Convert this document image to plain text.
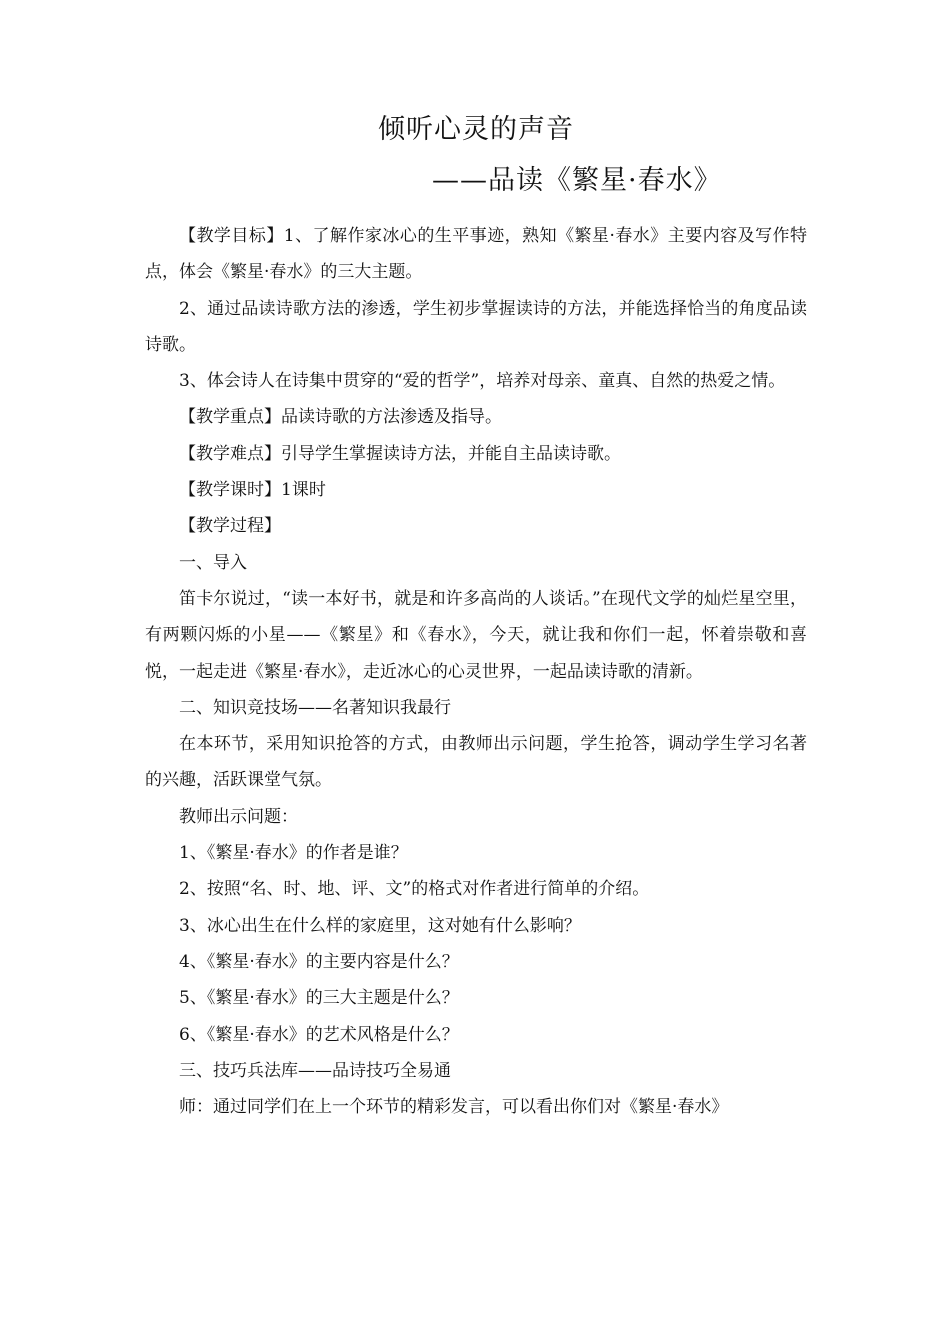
倾听心灵的声音
——品读《繁星·春水》

【教学目标】1、了解作家冰心的生平事迹，熟知《繁星·春水》主要内容及写作特点，体会《繁星·春水》的三大主题。

2、通过品读诗歌方法的渗透，学生初步掌握读诗的方法，并能选择恰当的角度品读诗歌。

3、体会诗人在诗集中贯穿的“爱的哲学”，培养对母亲、童真、自然的热爱之情。

【教学重点】品读诗歌的方法渗透及指导。

【教学难点】引导学生掌握读诗方法，并能自主品读诗歌。

【教学课时】1课时

【教学过程】

一、导入

笛卡尔说过，“读一本好书，就是和许多高尚的人谈话。”在现代文学的灿烂星空里，有两颗闪烁的小星——《繁星》和《春水》，今天，就让我和你们一起，怀着崇敬和喜悦，一起走进《繁星·春水》，走近冰心的心灵世界，一起品读诗歌的清新。

二、知识竞技场——名著知识我最行

在本环节，采用知识抢答的方式，由教师出示问题，学生抢答，调动学生学习名著的兴趣，活跃课堂气氛。

教师出示问题：

1、《繁星·春水》的作者是谁？

2、按照“名、时、地、评、文”的格式对作者进行简单的介绍。

3、冰心出生在什么样的家庭里，这对她有什么影响？

4、《繁星·春水》的主要内容是什么？

5、《繁星·春水》的三大主题是什么？

6、《繁星·春水》的艺术风格是什么？

三、技巧兵法库——品诗技巧全易通

师：通过同学们在上一个环节的精彩发言，可以看出你们对《繁星·春水》
